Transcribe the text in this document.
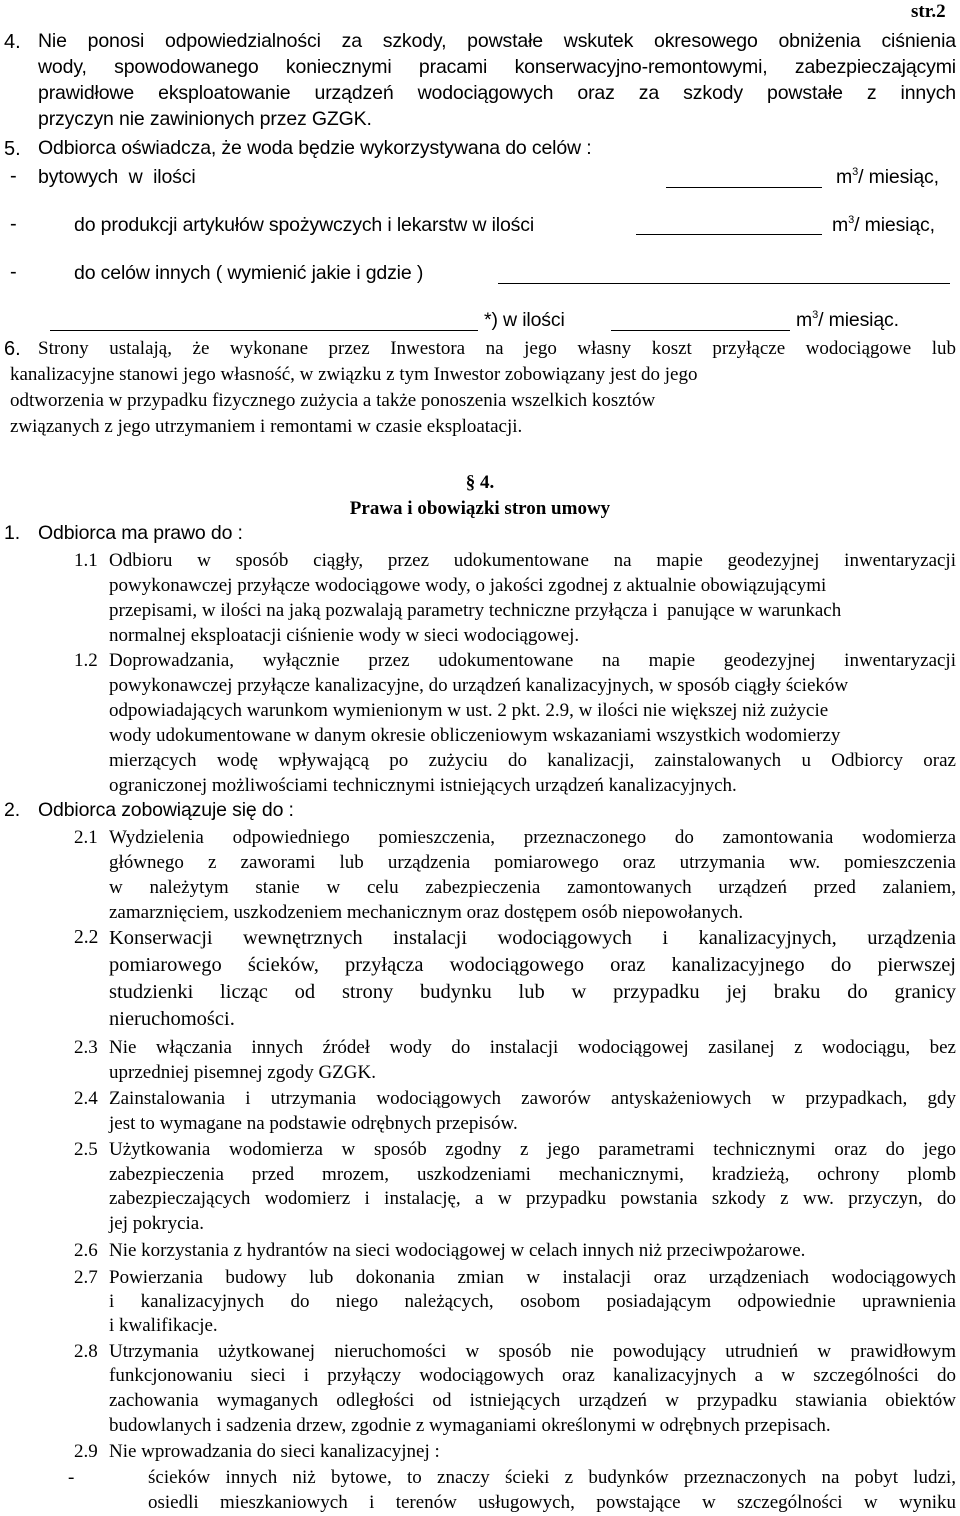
str.2
4. Nie ponosi odpowiedzialności za szkody, powstałe wskutek okresowego obniżenia ciśnienia
wody, spowodowanego koniecznymi pracami konserwacyjno-remontowymi, zabezpieczającymi
prawidłowe eksploatowanie urządzeń wodociągowych oraz za szkody powstałe z innych
przyczyn nie zawinionych przez GZGK.
5. Odbiorca oświadcza, że woda będzie wykorzystywana do celów :
- bytowych  w  ilości	$m^3/$ miesiąc,
-	do produkcji artykułów spożywczych i lekarstw w ilości	$m^3/$ miesiąc,
-	do celów innych ( wymienić jakie i gdzie )
*) w ilości	$m^3/$ miesiąc.
6. Strony ustalają, że wykonane przez Inwestora na jego własny koszt przyłącze wodociągowe lub
kanalizacyjne stanowi jego własność, w związku z tym Inwestor zobowiązany jest do jego
odtworzenia w przypadku fizycznego zużycia a także ponoszenia wszelkich kosztów
związanych z jego utrzymaniem i remontami w czasie eksploatacji.
§ 4.
Prawa i obowiązki stron umowy
1. Odbiorca ma prawo do :
1.1 Odbioru w sposób ciągły, przez udokumentowane na mapie geodezyjnej inwentaryzacji
powykonawczej przyłącze wodociągowe wody, o jakości zgodnej z aktualnie obowiązującymi
przepisami, w ilości na jaką pozwalają parametry techniczne przyłącza i  panujące w warunkach
normalnej eksploatacji ciśnienie wody w sieci wodociągowej.
1.2 Doprowadzania, wyłącznie przez udokumentowane na mapie geodezyjnej inwentaryzacji
powykonawczej przyłącze kanalizacyjne, do urządzeń kanalizacyjnych, w sposób ciągły ścieków
odpowiadających warunkom wymienionym w ust. 2 pkt. 2.9, w ilości nie większej niż zużycie
wody udokumentowane w danym okresie obliczeniowym wskazaniami wszystkich wodomierzy
mierzących wodę wpływającą po zużyciu do kanalizacji, zainstalowanych u Odbiorcy oraz
ograniczonej możliwościami technicznymi istniejących urządzeń kanalizacyjnych.
2. Odbiorca zobowiązuje się do :
2.1 Wydzielenia odpowiedniego pomieszczenia, przeznaczonego do zamontowania wodomierza
głównego z zaworami lub urządzenia pomiarowego oraz utrzymania ww. pomieszczenia
w należytym stanie w celu zabezpieczenia zamontowanych urządzeń przed zalaniem,
zamarznięciem, uszkodzeniem mechanicznym oraz dostępem osób niepowołanych.
2.2 Konserwacji wewnętrznych instalacji wodociągowych i kanalizacyjnych, urządzenia
pomiarowego ścieków, przyłącza wodociągowego oraz kanalizacyjnego do pierwszej
studzienki licząc od strony budynku lub w przypadku jej braku do granicy
nieruchomości.
2.3 Nie włączania innych źródeł wody do instalacji wodociągowej zasilanej z wodociągu, bez
uprzedniej pisemnej zgody GZGK.
2.4 Zainstalowania i utrzymania wodociągowych zaworów antyskażeniowych w przypadkach, gdy
jest to wymagane na podstawie odrębnych przepisów.
2.5 Użytkowania wodomierza w sposób zgodny z jego parametrami technicznymi oraz do jego
zabezpieczenia przed mrozem, uszkodzeniami mechanicznymi, kradzieżą, ochrony plomb
zabezpieczających wodomierz i instalację, a w przypadku powstania szkody z ww. przyczyn, do
jej pokrycia.
2.6 Nie korzystania z hydrantów na sieci wodociągowej w celach innych niż przeciwpożarowe.
2.7 Powierzania budowy lub dokonania zmian w instalacji oraz urządzeniach wodociągowych
i kanalizacyjnych do niego należących, osobom posiadającym odpowiednie uprawnienia
i kwalifikacje.
2.8 Utrzymania użytkowanej nieruchomości w sposób nie powodujący utrudnień w prawidłowym
funkcjonowaniu sieci i przyłączy wodociągowych oraz kanalizacyjnych a w szczególności do
zachowania wymaganych odległości od istniejących urządzeń w przypadku stawiania obiektów
budowlanych i sadzenia drzew, zgodnie z wymaganiami określonymi w odrębnych przepisach.
2.9 Nie wprowadzania do sieci kanalizacyjnej :
-	ścieków innych niż bytowe, to znaczy ścieki z budynków przeznaczonych na pobyt ludzi,
osiedli mieszkaniowych i terenów usługowych, powstające w szczególności w wyniku
